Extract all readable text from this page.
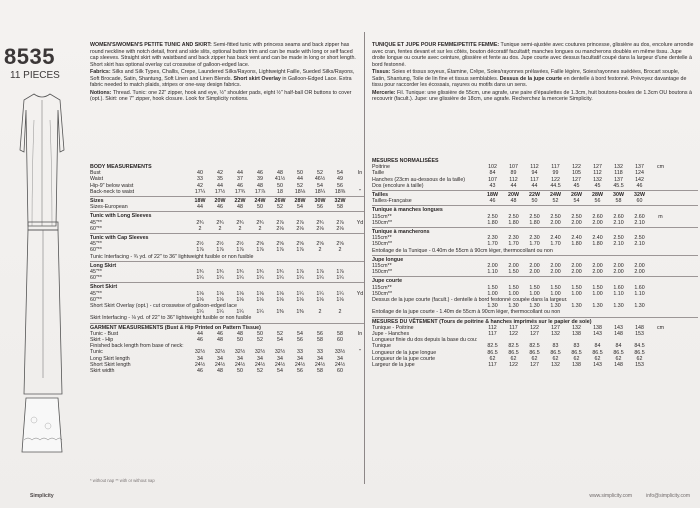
8535
11 PIECES

WOMEN'S/WOMEN'S PETITE TUNIC AND SKIRT: Semi-fitted tunic with princess seams and back zipper has round neckline with notch detail, front and side slits, optional button trim and can be made with long or self faced cap sleeves. Straight skirt with waistband and back zipper has back vent and can be made in long or short length. Short skirt has optional overlay cut crosswise of galloon-edged lace.

Fabrics: Silks and Silk Types, Challis, Crepe, Laundered Silks/Rayons, Lightweight Faille, Sueded Silks/Rayons, Soft Brocade, Satin, Shantung, Soft Linen and Linen Blends. Short skirt Overlay in Galloon-Edged Lace. Extra fabric needed to match plaids, stripes or one-way design fabrics.

Notions: Thread. Tunic: one 22" zipper, hook and eye, ½" shoulder pads, eight ½" half-ball OR buttons to cover (opt.). Skirt: one 7" zipper, hook closure. Look for Simplicity notions.

TUNIQUE ET JUPE POUR FEMME/PETITE FEMME: Tunique semi-ajustée avec coutures princesse, glissière au dos, encolure arrondie avec cran, fentes devant et sur les côtés, bouton décoratif facultatif; manches longues ou mancherons doublés en même tissu. Jupe droite longue ou courte avec ceinture, glissière et fente au dos. Jupe courte avec dessus facultatif coupé dans la largeur d'une dentelle à bord festonné.

Tissus: Soies et tissus soyeux, Étamine, Crêpe, Soies/rayonnes prélavées, Faille légère, Soies/rayonnes suédées, Brocart souple, Satin, Shantung, Toile de lin fine et tissus semblables. Dessus de la jupe courte en dentelle à bord festonné. Prévoyez davantage de tissu pour raccorder les écossais, rayures ou motifs dans un sens.

Mercerie: Fil. Tunique: une glissière de 55cm, une agrafe, une paire d'épaulettes de 1.3cm, huit boutons-boules de 1.3cm OU boutons à recouvrir (facult.). Jupe: une glissière de 18cm, une agrafe. Recherchez la mercerie Simplicity.

BODY MEASUREMENTS
Bust	40	42	44	46	48	50	52	54	In
Waist	33	35	37	39	41½	44	46½	49
Hip-9" below waist	42	44	46	48	50	52	54	56
Back-neck to waist	17¼	17½	17¾	17⅞	18	18⅛	18¼	18⅜	"
Sizes	18W	20W	22W	24W	26W	28W	30W	32W
Sizes-European	44	46	48	50	52	54	56	58
Tunic with Long Sleeves
45"**	2¾	2¾	2¾	2¾	2⅞	2⅞	2¾	2⅞	Yd
60"**	2	2	2	2	2⅛	2⅛	2⅛	2⅛
Tunic with Cap Sleeves
45"**	2½	2½	2½	2⅝	2⅝	2⅝	2⅝	2⅝
60"**	1⅞	1⅞	1⅞	1⅞	1⅞	1⅞	2	2
Tunic Interfacing - ¾ yd. of 22" to 36" lightweight fusible or non fusible
Long Skirt
45"**	1¾	1¾	1¾	1¾	1¾	1⅞	1⅞	1⅞
60"**	1¼	1¼	1¼	1¼	1¼	1¼	1¼	1¼
Short Skirt
45"**	1⅛	1⅛	1⅛	1⅛	1⅛	1¼	1¼	1¼	Yd
60"**	1⅛	1⅛	1⅛	1⅛	1⅛	1⅛	1⅛	1⅛
Short Skirt Overlay (opt.) - cut crosswise of galloon-edged lace
1¼	1¼	1¼	1¼	1⅜	1⅜	2	2
Skirt Interfacing - ⅛ yd. of 22" to 36" lightweight fusible or non fusible
GARMENT MEASUREMENTS (Bust & Hip Printed on Pattern Tissue)
Tunic - Bust	44	46	48	50	52	54	56	58	In
Skirt - Hip	46	48	50	52	54	56	58	60
Finished back length from base of neck:
Tunic	32½	32½	32½	32½	32½	33	33	33½	"
Long Skirt length	34	34	34	34	34	34	34	34
Short Skirt length	24½	24½	24½	24½	24½	24½	24½	24½
Skirt width	46	48	50	52	54	56	58	60
MESURES NORMALISÉES
Poitrine	102	107	112	117	122	127	132	137	cm
Taille	84	89	94	99	105	112	118	124
Hanches (23cm au-dessous de la taille)	107	112	117	122	127	132	137	142
Dos (encolure à taille)	43	44	44	44.5	45	45	45.5	46
Tailles	18W	20W	22W	24W	26W	28W	30W	32W
Tailles-Française	46	48	50	52	54	56	58	60
Tunique à manches longues
115cm**	2.50	2.50	2.50	2.50	2.50	2.60	2.60	2.60	m
150cm**	1.80	1.80	1.80	2.00	2.00	2.00	2.10	2.10
Tunique à mancherons
115cm**	2.30	2.30	2.30	2.40	2.40	2.40	2.50	2.50
150cm**	1.70	1.70	1.70	1.70	1.80	1.80	2.10	2.10
Entoilage de la Tunique - 0.40m de 55cm à 90cm léger, thermocollant ou non
Jupe longue
115cm**	2.00	2.00	2.00	2.00	2.00	2.00	2.00	2.00
150cm**	1.10	1.50	2.00	2.00	2.00	2.00	2.00	2.00
Jupe courte
115cm**	1.50	1.50	1.50	1.50	1.50	1.50	1.60	1.60
150cm**	1.00	1.00	1.00	1.00	1.00	1.00	1.10	1.10
Dessus de la jupe courte (facult.) - dentelle à bord festonné coupée dans la largeur.
1.30	1.30	1.30	1.30	1.30	1.30	1.30	1.30
Entoilage de la jupe courte - 1.40m de 55cm à 90cm léger, thermocollant ou non
MESURES DU VÊTEMENT (Tours de poitrine & hanches imprimés sur le papier de soie)
Tunique - Poitrine	112	117	122	127	132	138	143	148	cm
Jupe - Hanches	117	122	127	132	138	143	148	153
Longueur finie du dos depuis la base du cou:
Tunique	82.5	82.5	82.5	83	83	84	84	84.5
Longueur de la jupe longue	86.5	86.5	86.5	86.5	86.5	86.5	86.5	86.5
Longueur de la jupe courte	62	62	62	62	62	62	62	62
Largeur de la jupe	117	122	127	132	138	143	148	153
* without nap ** with or without nap
Simplicity	www.simplicity.com	info@simplicity.com
